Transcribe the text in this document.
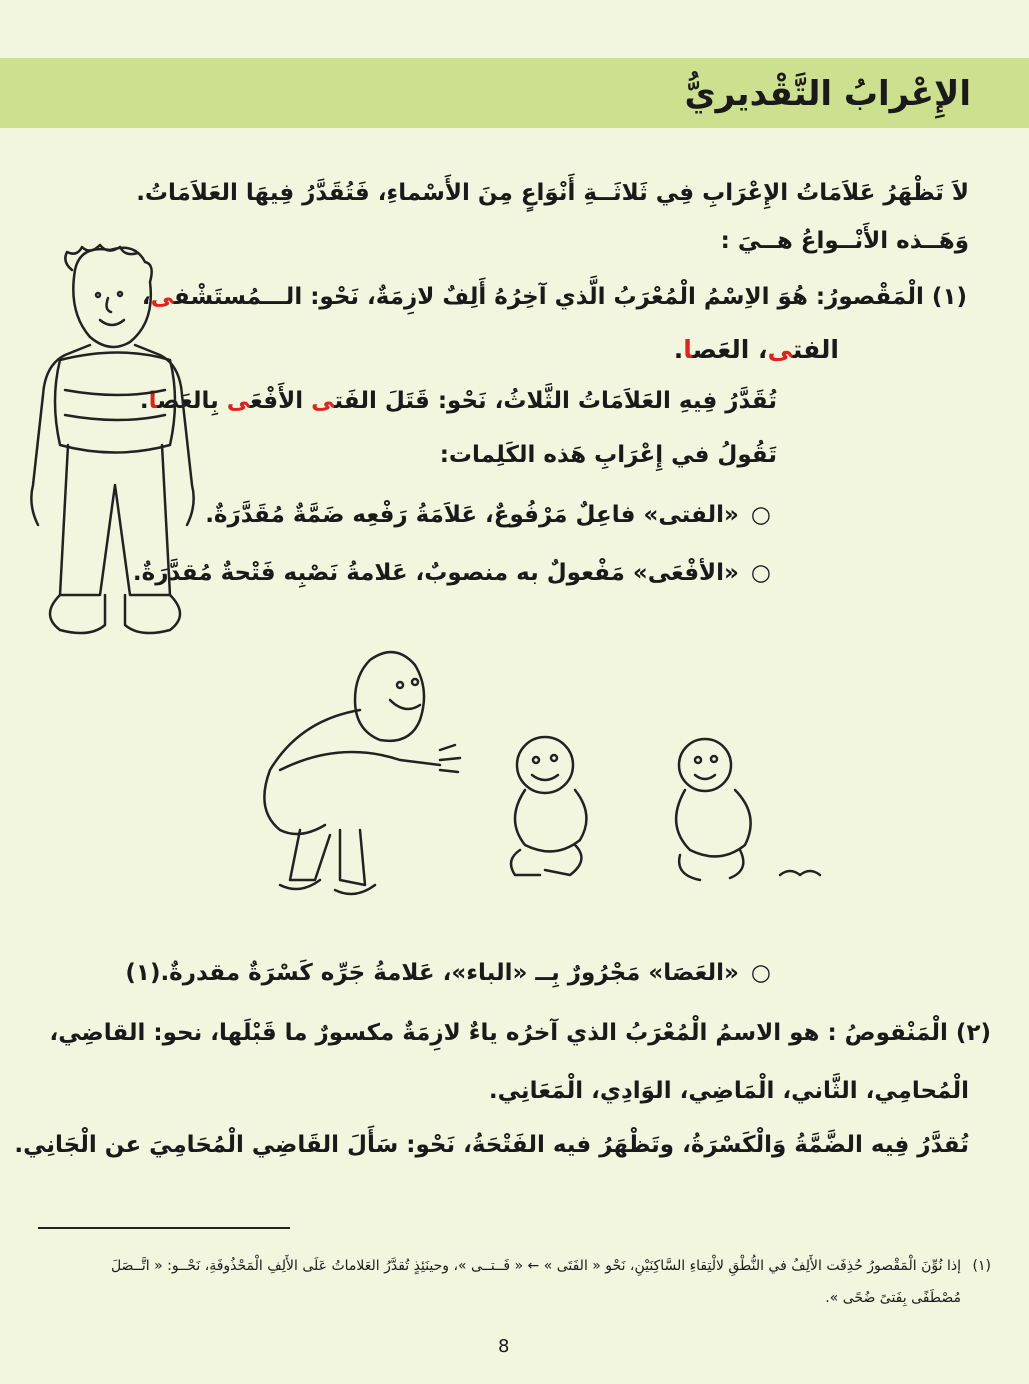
الإِعْرابُ التَّقْديريُّ
لاَ تَظْهَرُ عَلاَمَاتُ الإِعْرَابِ فِي ثَلاثَــةِ أَنْوَاعٍ مِنَ الأَسْماءِ، فَتُقَدَّرُ فِيهَا العَلاَمَاتُ.
وَهَــذه الأَنْــواعُ هــيَ :
(١) الْمَقْصورُ: هُوَ الاِسْمُ الْمُعْرَبُ الَّذي آخِرُهُ أَلِفٌ لازِمَةٌ، نَحْو: الـــمُستَشْفى،
الفتى، العَصا.
تُقَدَّرُ فِيهِ العَلاَمَاتُ الثَّلاثُ، نَحْو: قَتَلَ الفَتى الأَفْعَى بِالعَصا.
تَقُولُ في إِعْرَابِ هَذه الكَلِمات:
○ «الفتى» فاعِلٌ مَرْفُوعٌ، عَلاَمَةُ رَفْعِه ضَمَّةٌ مُقَدَّرَةٌ.
○ «الأفْعَى» مَفْعولٌ به منصوبٌ، عَلامةُ نَصْبِه فَتْحةٌ مُقدَّرَةٌ.
○ «العَصَا» مَجْرُورٌ بِــ «الباء»، عَلامةُ جَرِّه كَسْرَةٌ مقدرةٌ.(١)
(٢) الْمَنْقوصُ : هو الاسمُ الْمُعْرَبُ الذي آخرُه ياءٌ لازِمَةٌ مكسورٌ ما قَبْلَها، نحو: القاضِي،
الْمُحامِي، الثَّاني، الْمَاضِي، الوَادِي، الْمَعَانِي.
تُقدَّرُ فِيه الضَّمَّةُ وَالْكَسْرَةُ، وتَظْهَرُ فيه الفَتْحَةُ، نَحْو: سَأَلَ القَاضِي الْمُحَامِيَ عن الْجَانِي.
إذا نُوِّنَ الْمَقْصورُ حُذِفَت الأَلِفُ في النُّطْقِ لالْتِقاءِ السَّاكِنَيْنِ، نَحْو « الفَتَى » ← « فَــتــى »، وحينَئِذٍ تُقدَّرُ العَلاماتُ عَلَى الأَلِفِ الْمَحْذُوفَةِ، نَحْــو: « اتَّــصَلَ (١)
مُصْطَفًى بِفَتىً ضُحًى ».
8
